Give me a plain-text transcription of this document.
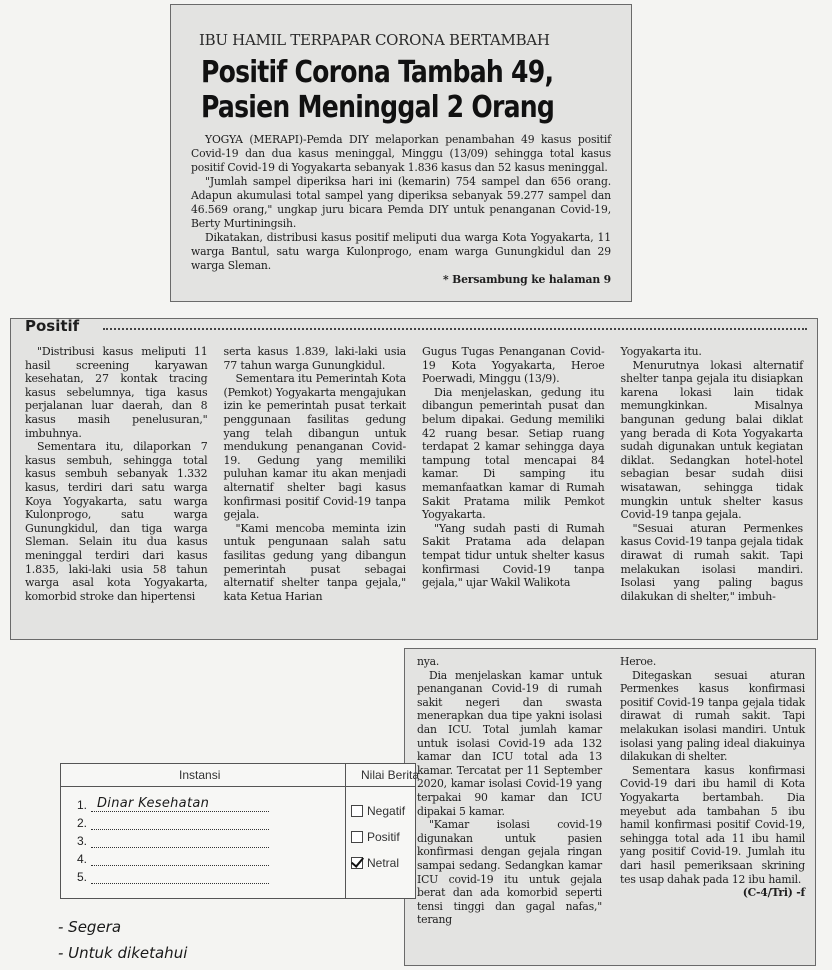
IBU HAMIL TERPAPAR CORONA BERTAMBAH
Positif Corona Tambah 49,
Pasien Meninggal 2 Orang

YOGYA (MERAPI)-Pemda DIY melaporkan penambahan 49 kasus positif Covid-19 dan dua kasus meninggal, Minggu (13/09) sehingga total kasus positif Covid-19 di Yogyakarta sebanyak 1.836 kasus dan 52 kasus meninggal.

"Jumlah sampel diperiksa hari ini (kemarin) 754 sampel dan 656 orang. Adapun akumulasi total sampel yang diperiksa sebanyak 59.277 sampel dan 46.569 orang," ungkap juru bicara Pemda DIY untuk penanganan Covid-19, Berty Murtiningsih.

Dikatakan, distribusi kasus positif meliputi dua warga Kota Yogyakarta, 11 warga Bantul, satu warga Kulonprogo, enam warga Gunungkidul dan 29 warga Sleman.

* Bersambung ke halaman 9

Positif

"Distribusi kasus meliputi 11 hasil screening karyawan kesehatan, 27 kontak tracing kasus sebelumnya, tiga kasus perjalanan luar daerah, dan 8 kasus masih penelusuran," imbuhnya.

Sementara itu, dilaporkan 7 kasus sembuh, sehingga total kasus sembuh sebanyak 1.332 kasus, terdiri dari satu warga Koya Yogyakarta, satu warga Kulonprogo, satu warga Gunungkidul, dan tiga warga Sleman. Selain itu dua kasus meninggal terdiri dari kasus 1.835, laki-laki usia 58 tahun warga asal kota Yogyakarta, komorbid stroke dan hipertensi

serta kasus 1.839, laki-laki usia 77 tahun warga Gunungkidul.

Sementara itu Pemerintah Kota (Pemkot) Yogyakarta mengajukan izin ke pemerintah pusat terkait penggunaan fasilitas gedung yang telah dibangun untuk mendukung penanganan Covid-19. Gedung yang memiliki puluhan kamar itu akan menjadi alternatif shelter bagi kasus konfirmasi positif Covid-19 tanpa gejala.

"Kami mencoba meminta izin untuk pengunaan salah satu fasilitas gedung yang dibangun pemerintah pusat sebagai alternatif shelter tanpa gejala," kata Ketua Harian

Gugus Tugas Penanganan Covid-19 Kota Yogyakarta, Heroe Poerwadi, Minggu (13/9).

Dia menjelaskan, gedung itu dibangun pemerintah pusat dan belum dipakai. Gedung memiliki 42 ruang besar. Setiap ruang terdapat 2 kamar sehingga daya tampung total mencapai 84 kamar. Di samping itu memanfaatkan kamar di Rumah Sakit Pratama milik Pemkot Yogyakarta.

"Yang sudah pasti di Rumah Sakit Pratama ada delapan tempat tidur untuk shelter kasus konfirmasi Covid-19 tanpa gejala," ujar Wakil Walikota

Yogyakarta itu.

Menurutnya lokasi alternatif shelter tanpa gejala itu disiapkan karena lokasi lain tidak memungkinkan. Misalnya bangunan gedung balai diklat yang berada di Kota Yogyakarta sudah digunakan untuk kegiatan diklat. Sedangkan hotel-hotel sebagian besar sudah diisi wisatawan, sehingga tidak mungkin untuk shelter kasus Covid-19 tanpa gejala.

"Sesuai aturan Permenkes kasus Covid-19 tanpa gejala tidak dirawat di rumah sakit. Tapi melakukan isolasi mandiri. Isolasi yang paling bagus dilakukan di shelter," imbuh-

nya.

Dia menjelaskan kamar untuk penanganan Covid-19 di rumah sakit negeri dan swasta menerapkan dua tipe yakni isolasi dan ICU. Total jumlah kamar untuk isolasi Covid-19 ada 132 kamar dan ICU total ada 13 kamar. Tercatat per 11 September 2020, kamar isolasi Covid-19 yang terpakai 90 kamar dan ICU dipakai 5 kamar.

"Kamar isolasi covid-19 digunakan untuk pasien konfirmasi dengan gejala ringan sampai sedang. Sedangkan kamar ICU covid-19 itu untuk gejala berat dan ada komorbid seperti tensi tinggi dan gagal nafas," terang

Heroe.

Ditegaskan sesuai aturan Permenkes kasus konfirmasi positif Covid-19 tanpa gejala tidak dirawat di rumah sakit. Tapi melakukan isolasi mandiri. Untuk isolasi yang paling ideal diakuinya dilakukan di shelter.

Sementara kasus konfirmasi Covid-19 dari ibu hamil di Kota Yogyakarta bertambah. Dia meyebut ada tambahan 5 ibu hamil konfirmasi positif Covid-19, sehingga total ada 11 ibu hamil yang positif Covid-19. Jumlah itu dari hasil pemeriksaan skrining tes usap dahak pada 12 ibu hamil.

(C-4/Tri) -f

Instansi	Nilai Berita
1. Dinar Kesehatan
2.
3.
4.
5.
Negatif
Positif
Netral
- Segera
- Untuk diketahui
